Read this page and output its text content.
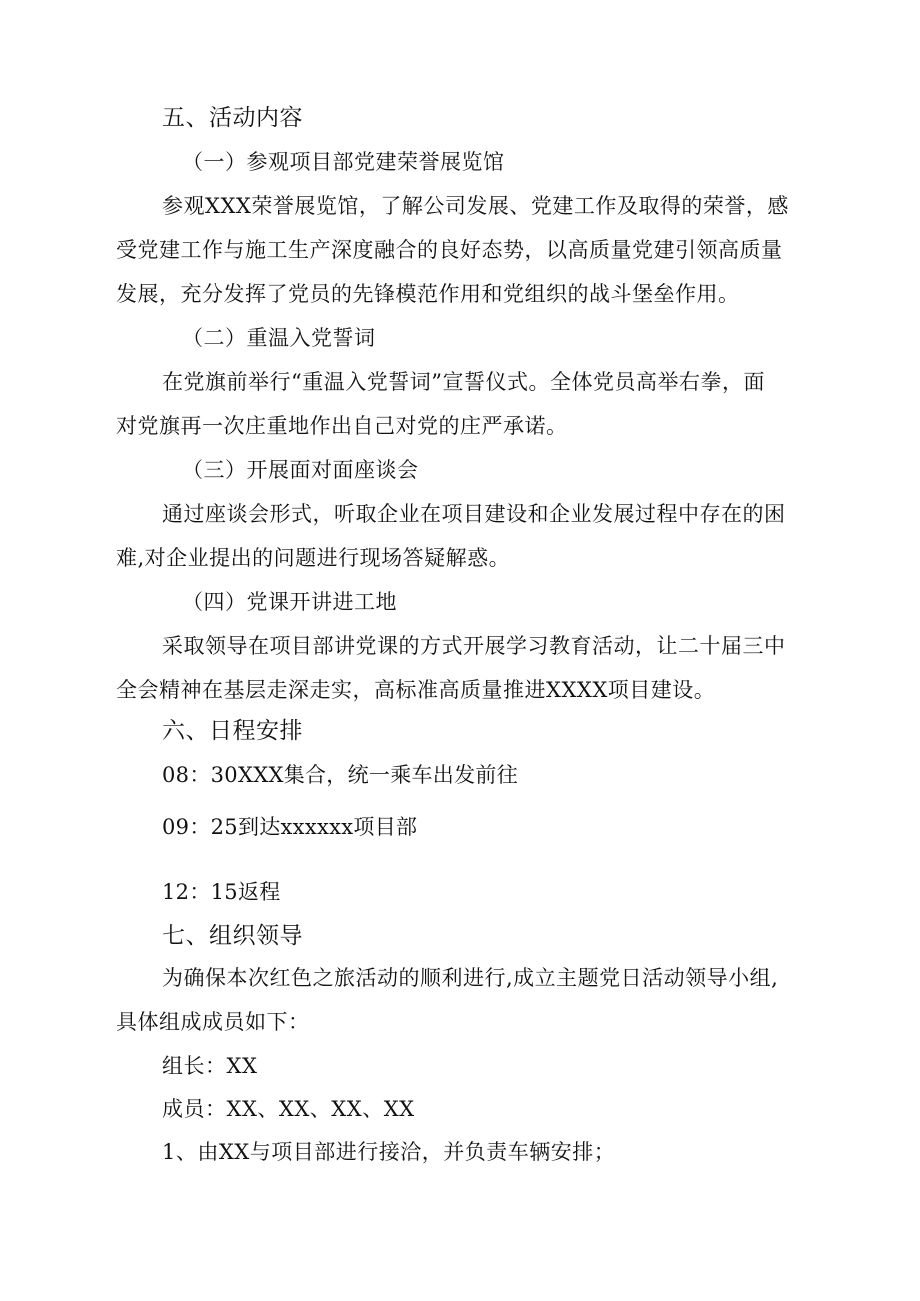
五、活动内容
（一）参观项目部党建荣誉展览馆
参观XXX荣誉展览馆，了解公司发展、党建工作及取得的荣誉，感
受党建工作与施工生产深度融合的良好态势，以高质量党建引领高质量
发展，充分发挥了党员的先锋模范作用和党组织的战斗堡垒作用。
（二）重温入党誓词
在党旗前举行“重温入党誓词”宣誓仪式。全体党员高举右拳，面
对党旗再一次庄重地作出自己对党的庄严承诺。
（三）开展面对面座谈会
通过座谈会形式，听取企业在项目建设和企业发展过程中存在的困
难,对企业提出的问题进行现场答疑解惑。
（四）党课开讲进工地
采取领导在项目部讲党课的方式开展学习教育活动，让二十届三中
全会精神在基层走深走实，高标准高质量推进XXXX项目建设。
六、日程安排
08：30XXX集合，统一乘车出发前往
09：25到达xxxxxx项目部
12：15返程
七、组织领导
为确保本次红色之旅活动的顺利进行,成立主题党日活动领导小组,
具体组成成员如下：
组长：XX
成员：XX、XX、XX、XX
1、由XX与项目部进行接洽，并负责车辆安排；
